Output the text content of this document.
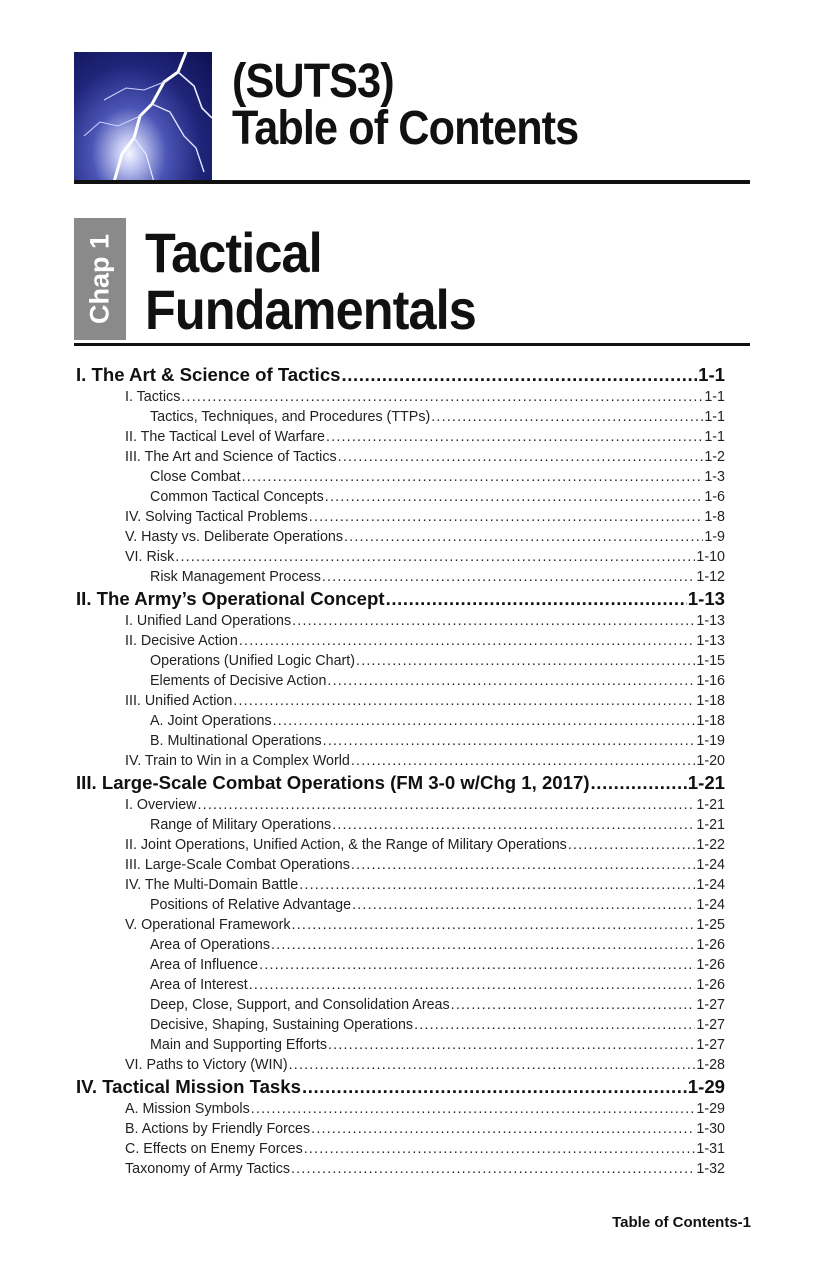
(SUTS3)
Table of Contents
Chap 1 Tactical
Fundamentals
I. The Art & Science of Tactics .....	1-1
I. Tactics .....	1-1
Tactics, Techniques, and Procedures (TTPs) .....	1-1
II. The Tactical Level of Warfare .....	1-1
III. The Art and Science of Tactics .....	1-2
Close Combat .....	1-3
Common Tactical Concepts .....	1-6
IV. Solving Tactical Problems .....	1-8
V. Hasty vs. Deliberate Operations .....	1-9
VI. Risk .....	1-10
Risk Management Process .....	1-12
II. The Army’s Operational Concept .....	1-13
I. Unified Land Operations .....	1-13
II. Decisive Action .....	1-13
Operations (Unified Logic Chart) .....	1-15
Elements of Decisive Action .....	1-16
III. Unified Action .....	1-18
A. Joint Operations .....	1-18
B. Multinational Operations .....	1-19
IV. Train to Win in a Complex World .....	1-20
III. Large-Scale Combat Operations (FM 3-0 w/Chg 1, 2017) .....	1-21
I. Overview .....	1-21
Range of Military Operations .....	1-21
II. Joint Operations, Unified Action, & the Range of Military Operations .....	1-22
III. Large-Scale Combat Operations .....	1-24
IV. The Multi-Domain Battle .....	1-24
Positions of Relative Advantage .....	1-24
V. Operational Framework .....	1-25
Area of Operations .....	1-26
Area of Influence .....	1-26
Area of Interest .....	1-26
Deep, Close, Support, and Consolidation Areas .....	1-27
Decisive, Shaping, Sustaining Operations .....	1-27
Main and Supporting Efforts .....	1-27
VI. Paths to Victory (WIN) .....	1-28
IV. Tactical Mission Tasks .....	1-29
A. Mission Symbols .....	1-29
B. Actions by Friendly Forces .....	1-30
C. Effects on Enemy Forces .....	1-31
Taxonomy of Army Tactics .....	1-32
Table of Contents-1
